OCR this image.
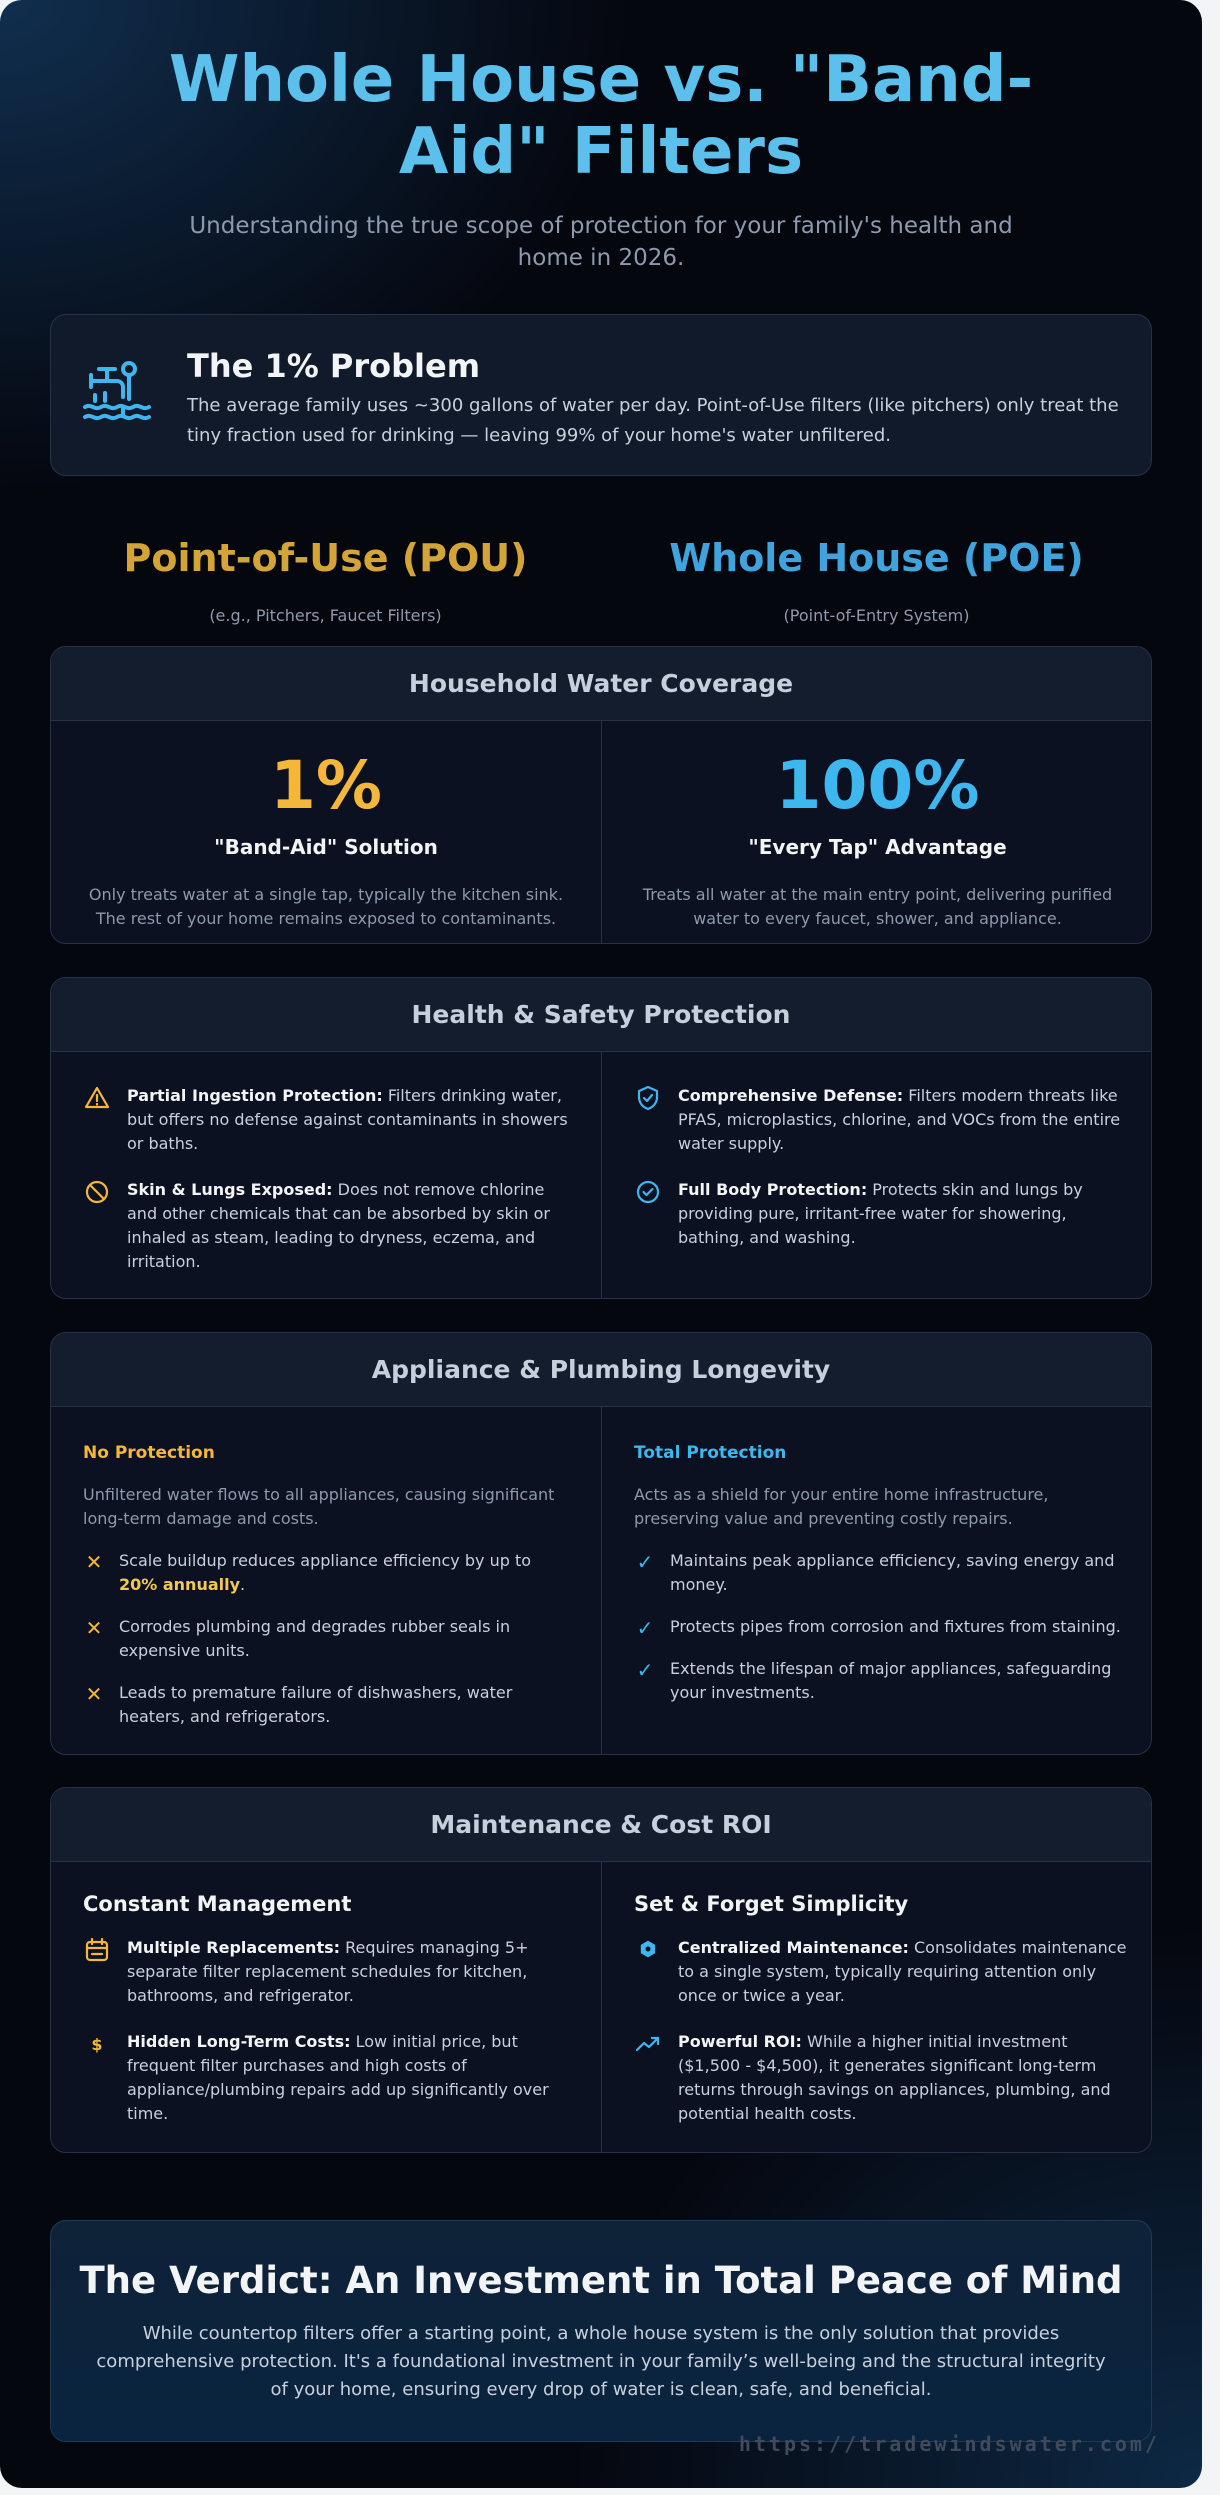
Whole House vs. "Band-Aid" Filters

Understanding the true scope of protection for your family's health and home in 2026.

The 1% Problem

The average family uses ~300 gallons of water per day. Point-of-Use filters (like pitchers) only treat the tiny fraction used for drinking — leaving 99% of your home's water unfiltered.

Point-of-Use (POU)
(e.g., Pitchers, Faucet Filters)
Whole House (POE)
(Point-of-Entry System)
Household Water Coverage
1%
"Band-Aid" Solution
Only treats water at a single tap, typically the kitchen sink. The rest of your home remains exposed to contaminants.
100%
"Every Tap" Advantage
Treats all water at the main entry point, delivering purified water to every faucet, shower, and appliance.
Health & Safety Protection
Partial Ingestion Protection: Filters drinking water, but offers no defense against contaminants in showers or baths.
Skin & Lungs Exposed: Does not remove chlorine and other chemicals that can be absorbed by skin or inhaled as steam, leading to dryness, eczema, and irritation.
Comprehensive Defense: Filters modern threats like PFAS, microplastics, chlorine, and VOCs from the entire water supply.
Full Body Protection: Protects skin and lungs by providing pure, irritant-free water for showering, bathing, and washing.
Appliance & Plumbing Longevity
No Protection
Unfiltered water flows to all appliances, causing significant long-term damage and costs.
✕ Scale buildup reduces appliance efficiency by up to 20% annually.
✕ Corrodes plumbing and degrades rubber seals in expensive units.
✕ Leads to premature failure of dishwashers, water heaters, and refrigerators.
Total Protection
Acts as a shield for your entire home infrastructure, preserving value and preventing costly repairs.
✓ Maintains peak appliance efficiency, saving energy and money.
✓ Protects pipes from corrosion and fixtures from staining.
✓ Extends the lifespan of major appliances, safeguarding your investments.
Maintenance & Cost ROI
Constant Management
Multiple Replacements: Requires managing 5+ separate filter replacement schedules for kitchen, bathrooms, and refrigerator.
$ Hidden Long-Term Costs: Low initial price, but frequent filter purchases and high costs of appliance/plumbing repairs add up significantly over time.
Set & Forget Simplicity
Centralized Maintenance: Consolidates maintenance to a single system, typically requiring attention only once or twice a year.
Powerful ROI: While a higher initial investment ($1,500 - $4,500), it generates significant long-term returns through savings on appliances, plumbing, and potential health costs.
The Verdict: An Investment in Total Peace of Mind

While countertop filters offer a starting point, a whole house system is the only solution that provides comprehensive protection. It's a foundational investment in your family’s well-being and the structural integrity of your home, ensuring every drop of water is clean, safe, and beneficial.

https://tradewindswater.com/
